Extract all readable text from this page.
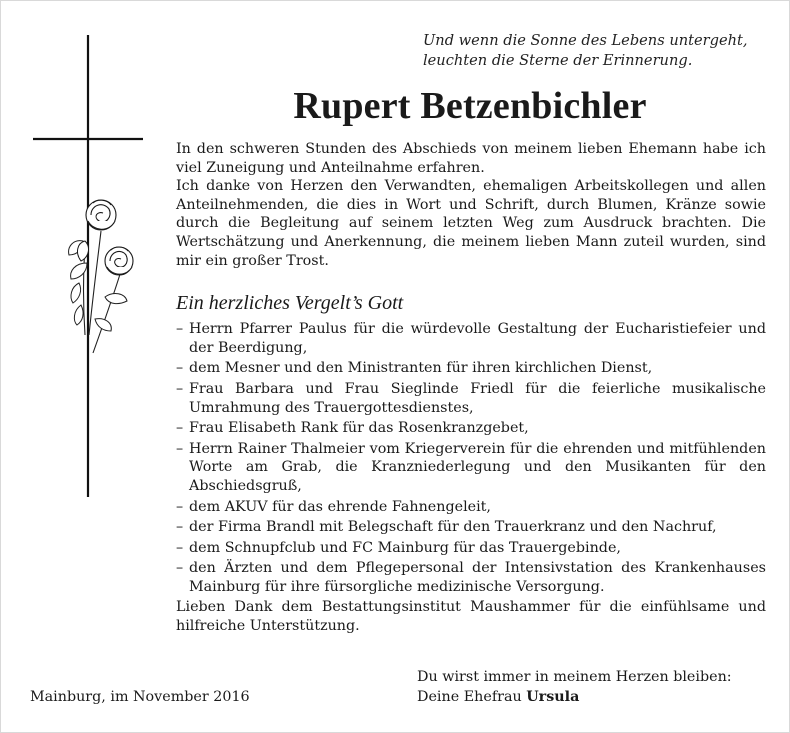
Und wenn die Sonne des Lebens untergeht,
leuchten die Sterne der Erinnerung.
Rupert Betzenbichler

In den schweren Stunden des Abschieds von meinem lieben Ehemann habe ich viel Zuneigung und Anteilnahme erfahren.

Ich danke von Herzen den Verwandten, ehemaligen Arbeitskollegen und allen Anteilnehmenden, die dies in Wort und Schrift, durch Blumen, Kränze sowie durch die Begleitung auf seinem letzten Weg zum Ausdruck brachten. Die Wertschätzung und Anerkennung, die meinem lieben Mann zuteil wurden, sind mir ein großer Trost.

Ein herzliches Vergelt’s Gott
– Herrn Pfarrer Paulus für die würdevolle Gestaltung der Eucharistiefeier und der Beerdigung,
– dem Mesner und den Ministranten für ihren kirchlichen Dienst,
– Frau Barbara und Frau Sieglinde Friedl für die feierliche musikalische Umrahmung des Trauergottesdienstes,
– Frau Elisabeth Rank für das Rosenkranzgebet,
– Herrn Rainer Thalmeier vom Kriegerverein für die ehrenden und mitfühlenden Worte am Grab, die Kranzniederlegung und den Musikanten für den Abschiedsgruß,
– dem AKUV für das ehrende Fahnengeleit,
– der Firma Brandl mit Belegschaft für den Trauerkranz und den Nachruf,
– dem Schnupfclub und FC Mainburg für das Trauergebinde,
– den Ärzten und dem Pflegepersonal der Intensivstation des Krankenhauses Mainburg für ihre fürsorgliche medizinische Versorgung.

Lieben Dank dem Bestattungsinstitut Maushammer für die einfühlsame und hilfreiche Unterstützung.

Du wirst immer in meinem Herzen bleiben:
Deine Ehefrau Ursula
Mainburg, im November 2016
